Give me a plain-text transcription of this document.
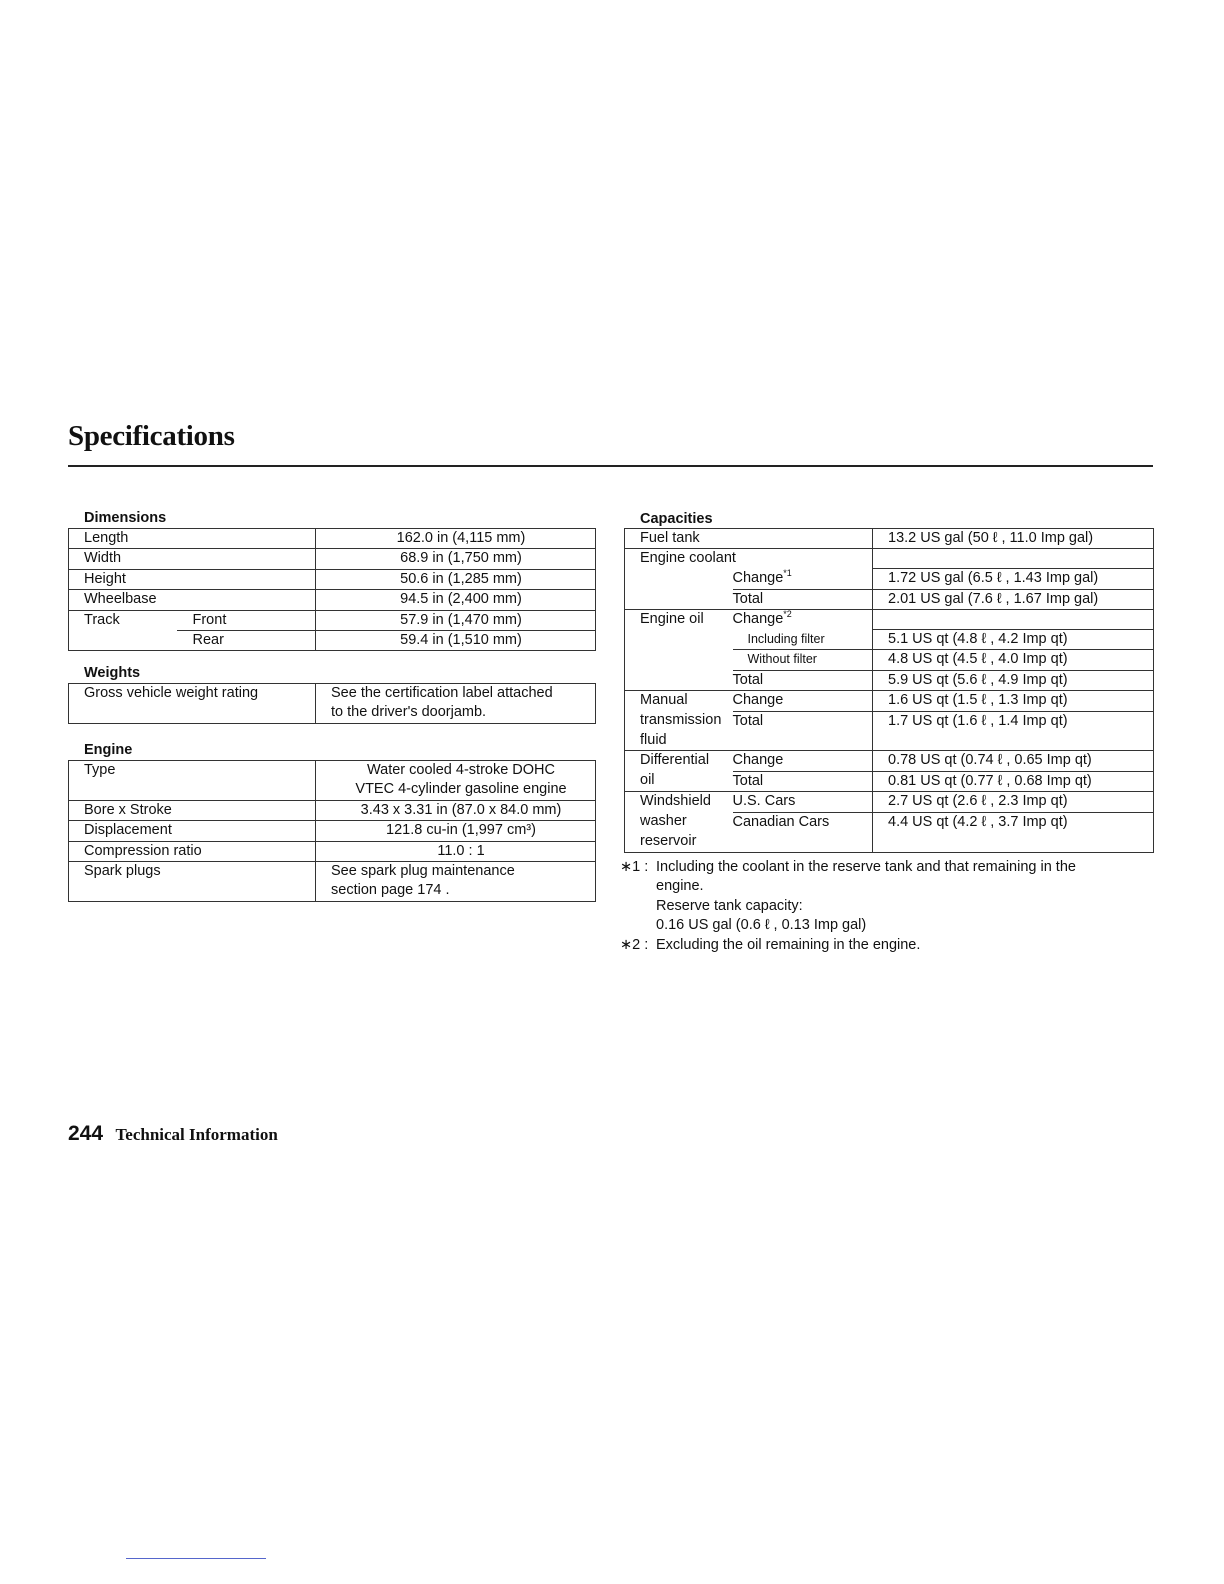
Specifications
Dimensions
Length		162.0 in (4,115 mm)
Width		68.9 in (1,750 mm)
Height		50.6 in (1,285 mm)
Wheelbase		94.5 in (2,400 mm)
Track	Front	57.9 in (1,470 mm)
	Rear	59.4 in (1,510 mm)
Weights
Gross vehicle weight rating	See the certification label attached
to the driver's doorjamb.
Engine
Type	Water cooled 4-stroke DOHC
VTEC 4-cylinder gasoline engine

Bore x Stroke	3.43 x 3.31 in (87.0 x 84.0 mm)
Displacement	121.8 cu-in (1,997 cm³)
Compression ratio	11.0 : 1
Spark plugs	See spark plug maintenance
section page 174 .
Capacities
Fuel tank		13.2 US gal (50 ℓ , 11.0 Imp gal)
Engine coolant		
	Change$^{*1}$	1.72 US gal (6.5 ℓ , 1.43 Imp gal)
	Total	2.01 US gal (7.6 ℓ , 1.67 Imp gal)
Engine oil	Change$^{*2}$	
	Including filter	5.1 US qt (4.8 ℓ , 4.2 Imp qt)
	Without filter	4.8 US qt (4.5 ℓ , 4.0 Imp qt)
	Total	5.9 US qt (5.6 ℓ , 4.9 Imp qt)
Manual	Change	1.6 US qt (1.5 ℓ , 1.3 Imp qt)
transmission	Total	1.7 US qt (1.6 ℓ , 1.4 Imp qt)
fluid		
Differential	Change	0.78 US qt (0.74 ℓ , 0.65 Imp qt)
oil	Total	0.81 US qt (0.77 ℓ , 0.68 Imp qt)
Windshield	U.S. Cars	2.7 US qt (2.6 ℓ , 2.3 Imp qt)
washer	Canadian Cars	4.4 US qt (4.2 ℓ , 3.7 Imp qt)
reservoir		
∗1 : Including the coolant in the reserve tank and that remaining in the
engine.
Reserve tank capacity:
0.16 US gal (0.6 ℓ , 0.13 Imp gal)
∗2 : Excluding the oil remaining in the engine.
244 Technical Information
